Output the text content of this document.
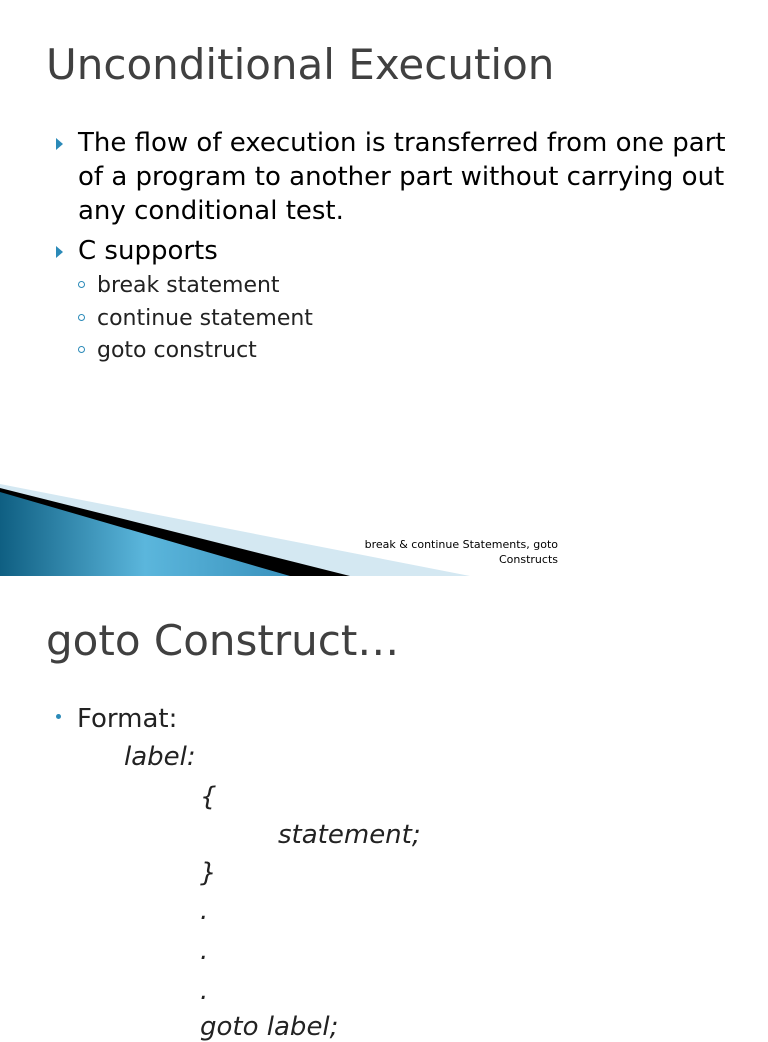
Unconditional Execution
The flow of execution is transferred from one part of a program to another part without carrying out any conditional test.
C supports
break statement
continue statement
goto construct
break & continue Statements, goto
Constructs
goto Construct…
Format:
label:
{
statement;
}
.
.
.
goto label;
